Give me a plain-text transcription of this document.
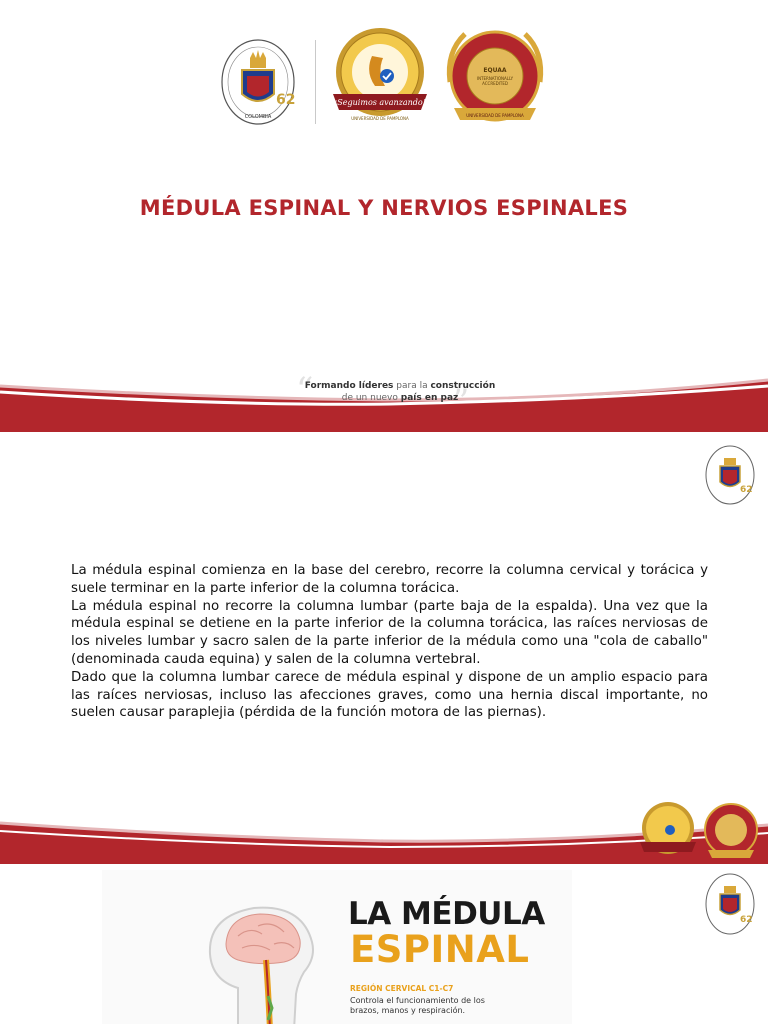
COLOMBIA
62	¡Seguimos avanzando!
UNIVERSIDAD DE PAMPLONA
EQUAA
INTERNATIONALLY
ACCREDITED
UNIVERSIDAD DE PAMPLONA
MÉDULA ESPINAL Y NERVIOS ESPINALES
“	”
Formando líderes para la construcción
de un nuevo país en paz
62

La médula espinal comienza en la base del cerebro, recorre la columna cervical y torácica y suele terminar en la parte inferior de la columna torácica.

La médula espinal no recorre la columna lumbar (parte baja de la espalda). Una vez que la médula espinal se detiene en la parte inferior de la columna torácica, las raíces nerviosas de los niveles lumbar y sacro salen de la parte inferior de la médula como una "cola de caballo" (denominada cauda equina) y salen de la columna vertebral.

Dado que la columna lumbar carece de médula espinal y dispone de un amplio espacio para las raíces nerviosas, incluso las afecciones graves, como una hernia discal importante, no suelen causar paraplejia (pérdida de la función motora de las piernas).

LA MÉDULA
ESPINAL
REGIÓN CERVICAL C1-C7
Controla el funcionamiento de los brazos, manos y respiración.
62
